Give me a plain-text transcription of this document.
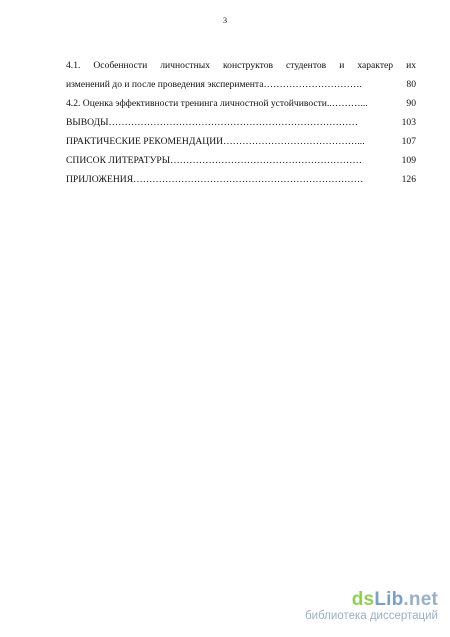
3
4.1. Особенности личностных конструктов студентов и характер их
изменений до и после проведения эксперимента………………………….	80
4.2. Оценка эффективности тренинга личностной устойчивости..………...	90
ВЫВОДЫ……………………………………………………………………	103
ПРАКТИЧЕСКИЕ РЕКОМЕНДАЦИИ……………………………………...	107
СПИСОК ЛИТЕРАТУРЫ……………………………………………………	109
ПРИЛОЖЕНИЯ………………………………………………………………	126
dsLib.net
библиотека диссертаций
